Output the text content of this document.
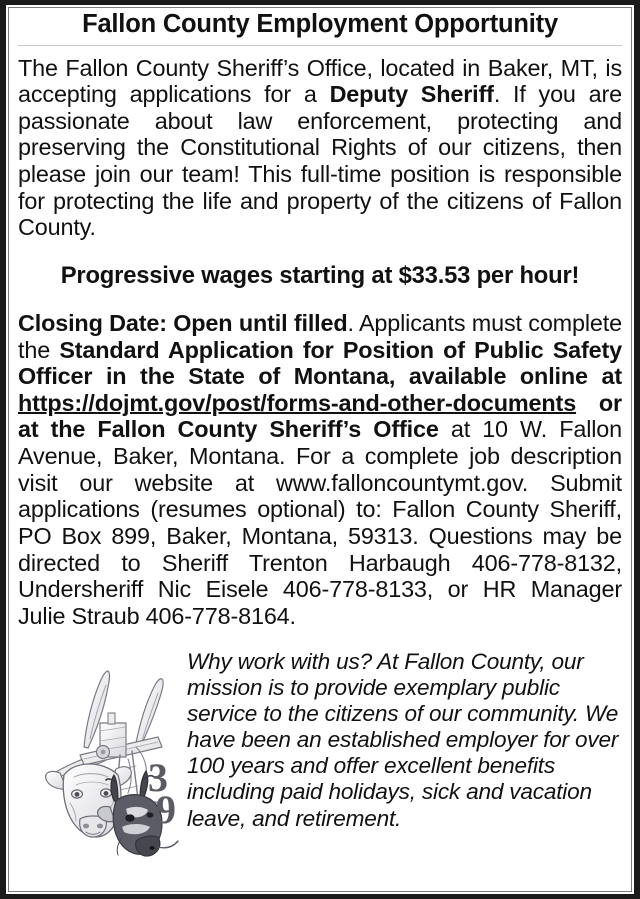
Fallon County Employment Opportunity

The Fallon County Sheriff’s Office, located in Baker, MT, is accepting applications for a Deputy Sheriff. If you are passionate about law enforcement, protecting and preserving the Constitutional Rights of our citizens, then please join our team! This full-time position is responsible for protecting the life and property of the citizens of Fallon County.

Progressive wages starting at $33.53 per hour!

Closing Date: Open until filled. Applicants must complete the Standard Application for Position of Public Safety Officer in the State of Montana, available online at https://dojmt.gov/post/forms-and-other-documents or at the Fallon County Sheriff’s Office at 10 W. Fallon Avenue, Baker, Montana. For a complete job description visit our website at www.falloncountymt.gov. Submit applications (resumes optional) to: Fallon County Sheriff, PO Box 899, Baker, Montana, 59313. Questions may be directed to Sheriff Trenton Harbaugh 406-778-8132, Undersheriff Nic Eisele 406-778-8133, or HR Manager Julie Straub 406-778-8164.

3
9
Why work with us? At Fallon County, our mission is to provide exemplary public service to the citizens of our community. We have been an established employer for over 100 years and offer excellent benefits including paid holidays, sick and vacation leave, and retirement.
